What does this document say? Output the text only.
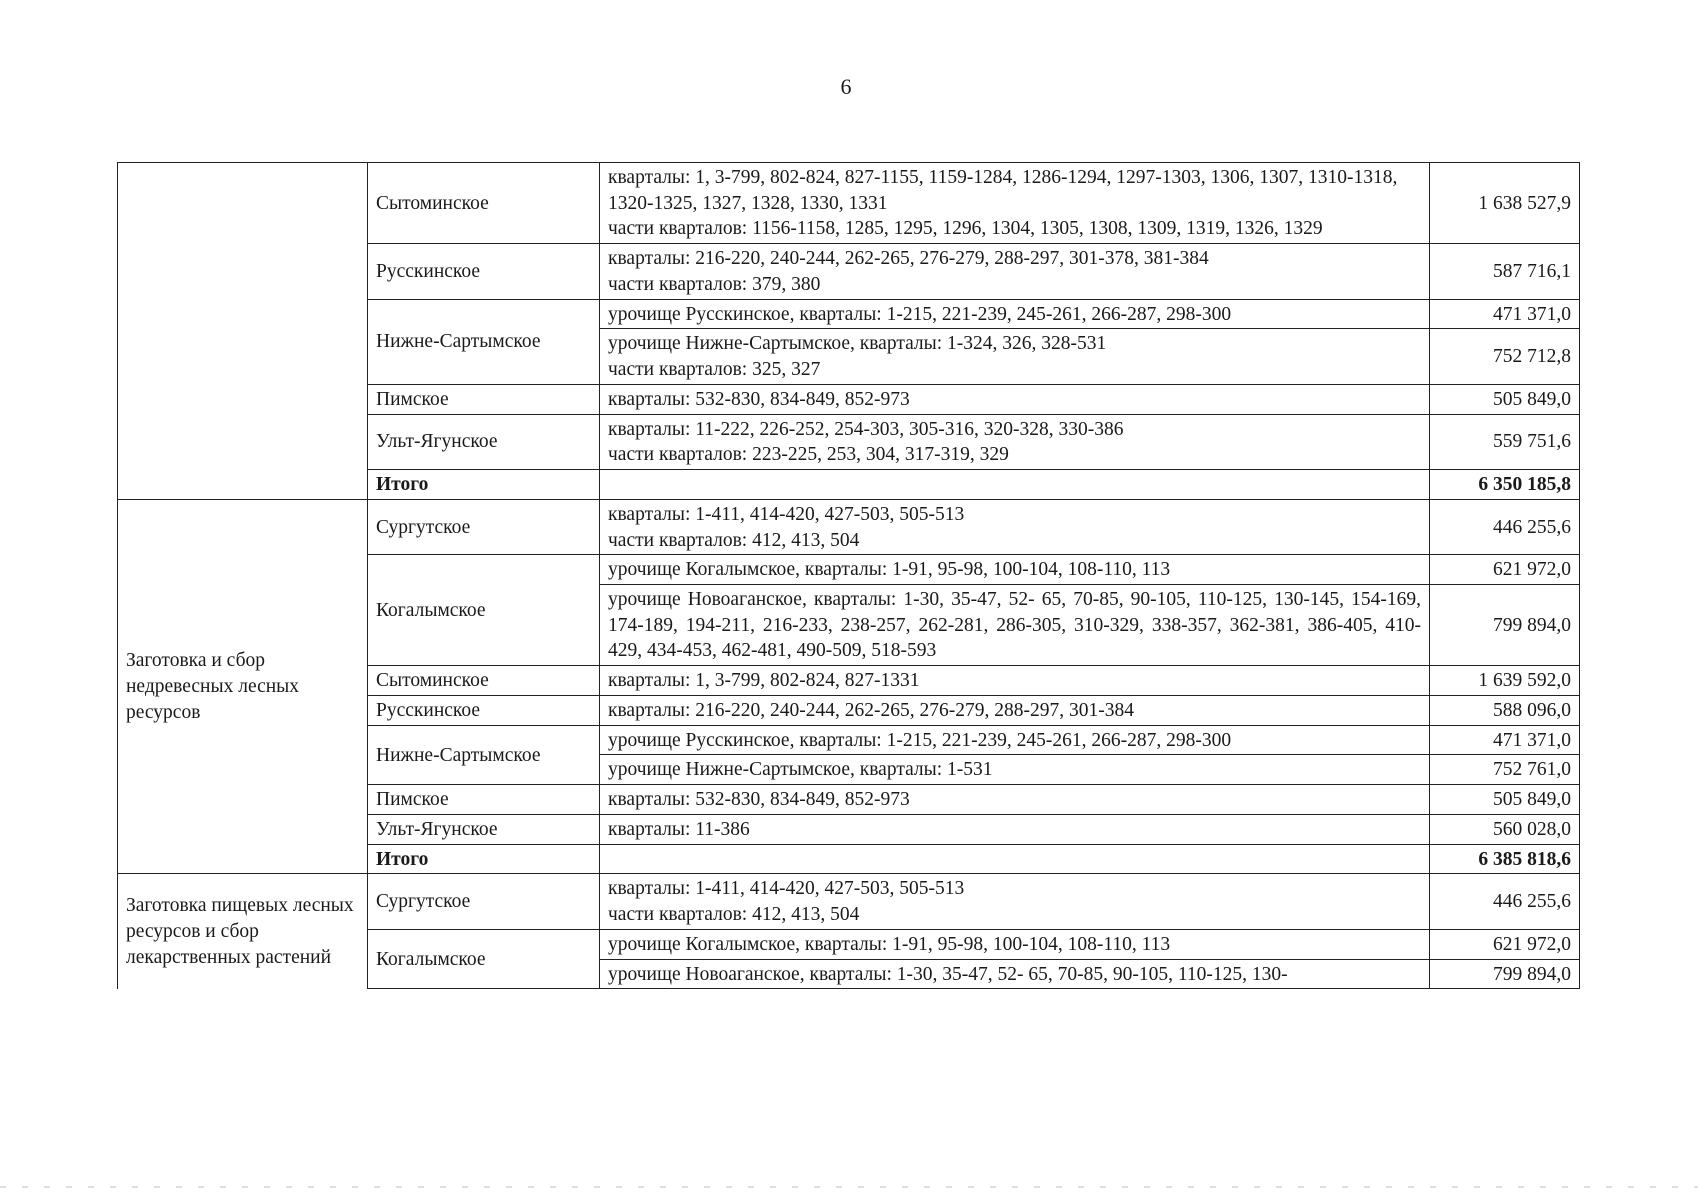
6
	Сытоминское	кварталы: 1, 3-799, 802-824, 827-1155, 1159-1284, 1286-1294, 1297-1303, 1306, 1307, 1310-1318, 1320-1325, 1327, 1328, 1330, 1331
части кварталов: 1156-1158, 1285, 1295, 1296, 1304, 1305, 1308, 1309, 1319, 1326, 1329	1 638 527,9
	Русскинское	кварталы: 216-220, 240-244, 262-265, 276-279, 288-297, 301-378, 381-384
части кварталов: 379, 380	587 716,1
	Нижне-Сартымское	урочище Русскинское, кварталы: 1-215, 221-239, 245-261, 266-287, 298-300	471 371,0

		урочище Нижне-Сартымское, кварталы: 1-324, 326, 328-531
части кварталов: 325, 327	752 712,8
	Пимское	кварталы: 532-830, 834-849, 852-973	505 849,0
	Ульт-Ягунское	кварталы: 11-222, 226-252, 254-303, 305-316, 320-328, 330-386
части кварталов: 223-225, 253, 304, 317-319, 329	559 751,6
	Итого		6 350 185,8
Заготовка и сбор недревесных лесных ресурсов	Сургутское	кварталы: 1-411, 414-420, 427-503, 505-513
части кварталов: 412, 413, 504	446 255,6
	Когалымское	урочище Когалымское, кварталы: 1-91, 95-98, 100-104, 108-110, 113	621 972,0

		урочище Новоаганское, кварталы: 1-30, 35-47, 52- 65, 70-85, 90-105, 110-125, 130-145, 154-169, 174-189, 194-211, 216-233, 238-257, 262-281, 286-305, 310-329, 338-357, 362-381, 386-405, 410-429, 434-453, 462-481, 490-509, 518-593	799 894,0
	Сытоминское	кварталы: 1, 3-799, 802-824, 827-1331	1 639 592,0
	Русскинское	кварталы: 216-220, 240-244, 262-265, 276-279, 288-297, 301-384	588 096,0
	Нижне-Сартымское	урочище Русскинское, кварталы: 1-215, 221-239, 245-261, 266-287, 298-300	471 371,0

		урочище Нижне-Сартымское, кварталы: 1-531	752 761,0
	Пимское	кварталы: 532-830, 834-849, 852-973	505 849,0
	Ульт-Ягунское	кварталы: 11-386	560 028,0
	Итого		6 385 818,6
Заготовка пищевых лесных ресурсов и сбор лекарственных растений	Сургутское	кварталы: 1-411, 414-420, 427-503, 505-513
части кварталов: 412, 413, 504	446 255,6
	Когалымское	урочище Когалымское, кварталы: 1-91, 95-98, 100-104, 108-110, 113	621 972,0

		урочище Новоаганское, кварталы: 1-30, 35-47, 52- 65, 70-85, 90-105, 110-125, 130-	799 894,0
